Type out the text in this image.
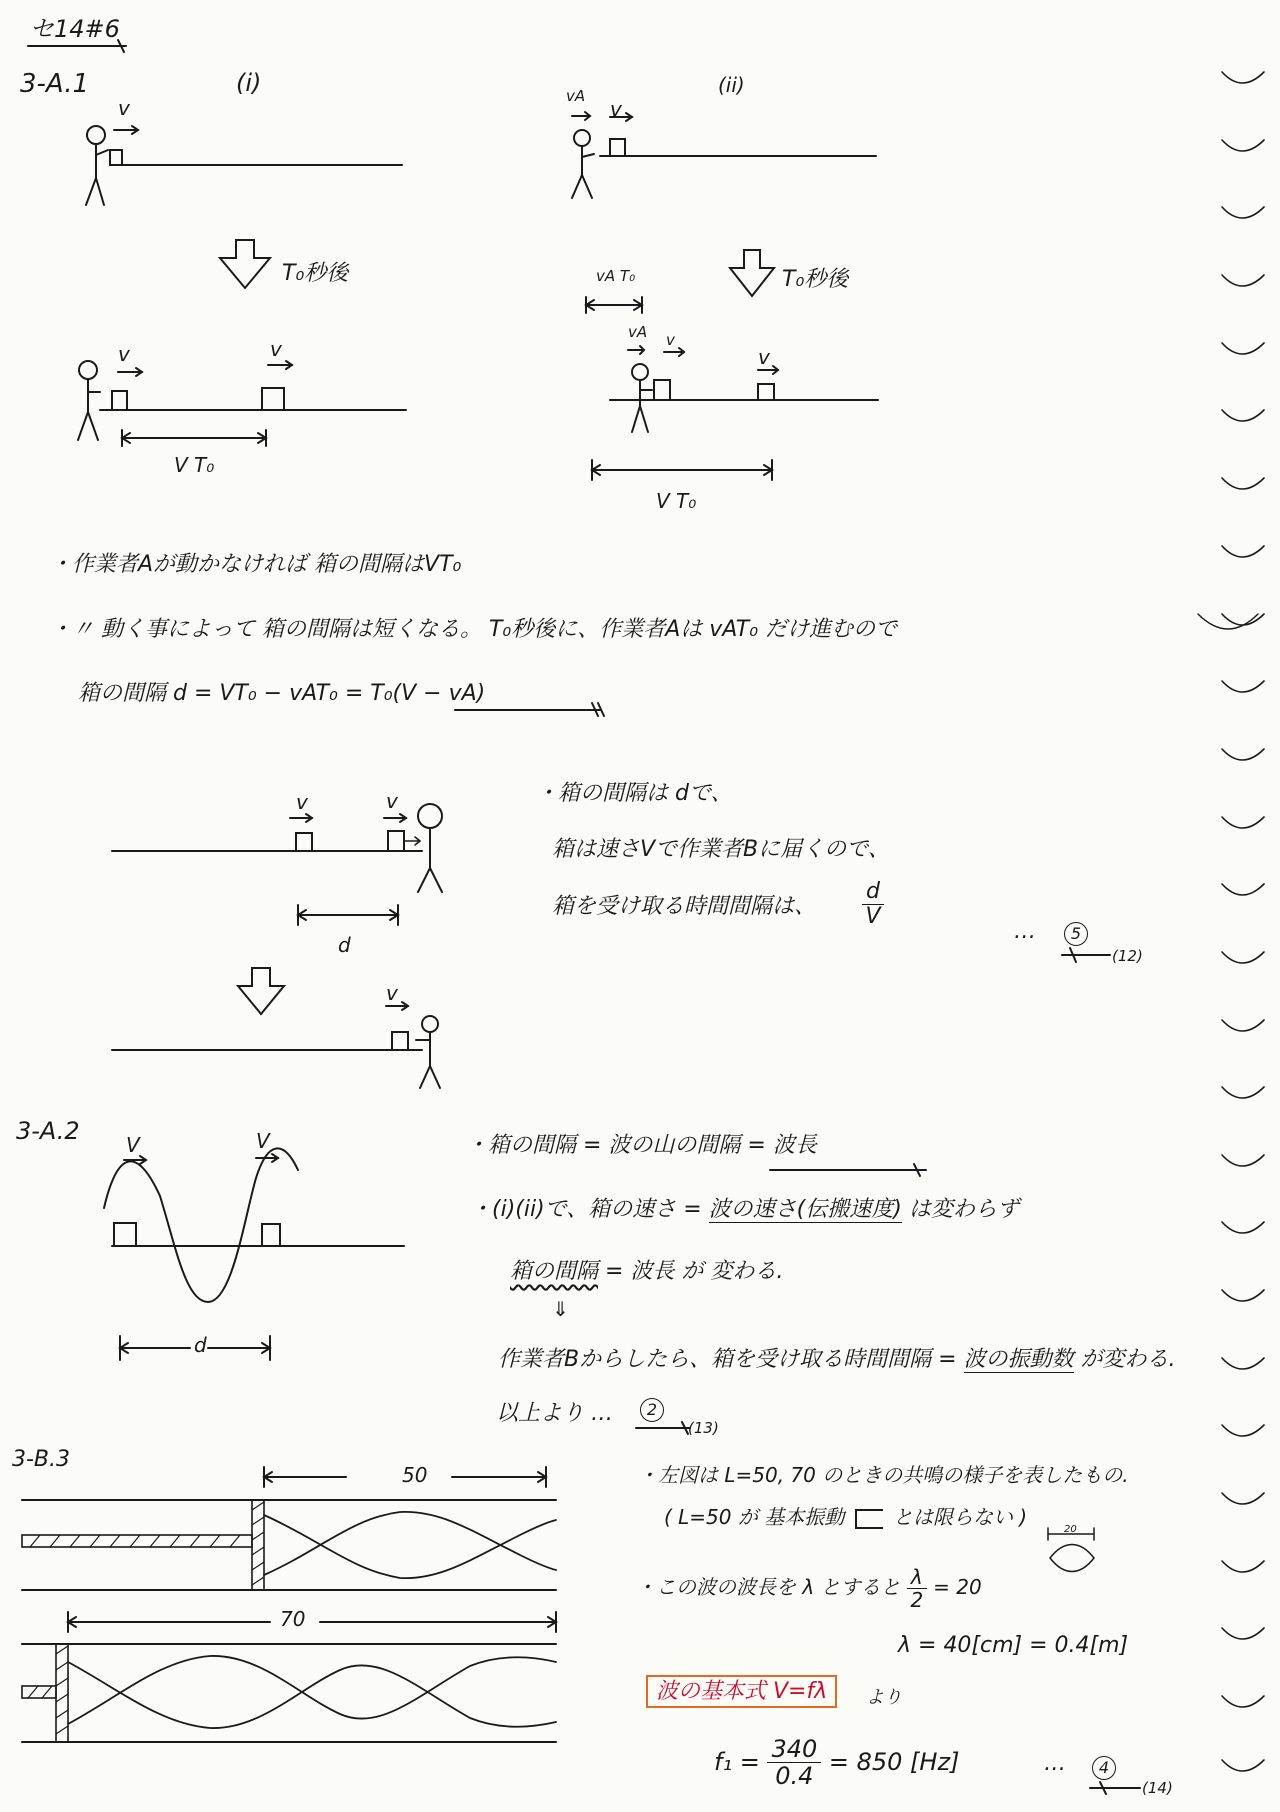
セ14#6
3-A.1	(i)	(ii)
v	vA
v
T₀秒後	T₀秒後
vA T₀
v	v
V T₀
vA v
v
V T₀
・作業者Aが動かなければ 箱の間隔はVT₀
・〃 動く事によって 箱の間隔は短くなる。 T₀秒後に、作業者Aは vAT₀ だけ進むので
箱の間隔 d = VT₀ − vAT₀ = T₀(V − vA)
v	v
d
v
・箱の間隔は dで、
箱は速さVで作業者Bに届くので、
箱を受け取る時間間隔は、 $\frac{d}{V}$
…	5
(12)
3-A.2 V	V
d
・箱の間隔 = 波の山の間隔 = 波長
・(i)(ii)で、箱の速さ = 波の速さ(伝搬速度) は変わらず
箱の間隔 = 波長 が 変わる.
⇓
作業者Bからしたら、箱を受け取る時間間隔 = 波の振動数 が変わる.
以上より …	2
(13)
3-B.3
50
70
・左図は L=50, 70 のときの共鳴の様子を表したもの.
( L=50 が 基本振動  とは限らない )
・この波の波長を λ とすると $\frac{\lambda}{2} = 20$
20
λ = 40[cm] = 0.4[m]
波の基本式 V=fλ	より
$f_1 = \frac{340}{0.4} = 850$ [Hz]	…	4
(14)
